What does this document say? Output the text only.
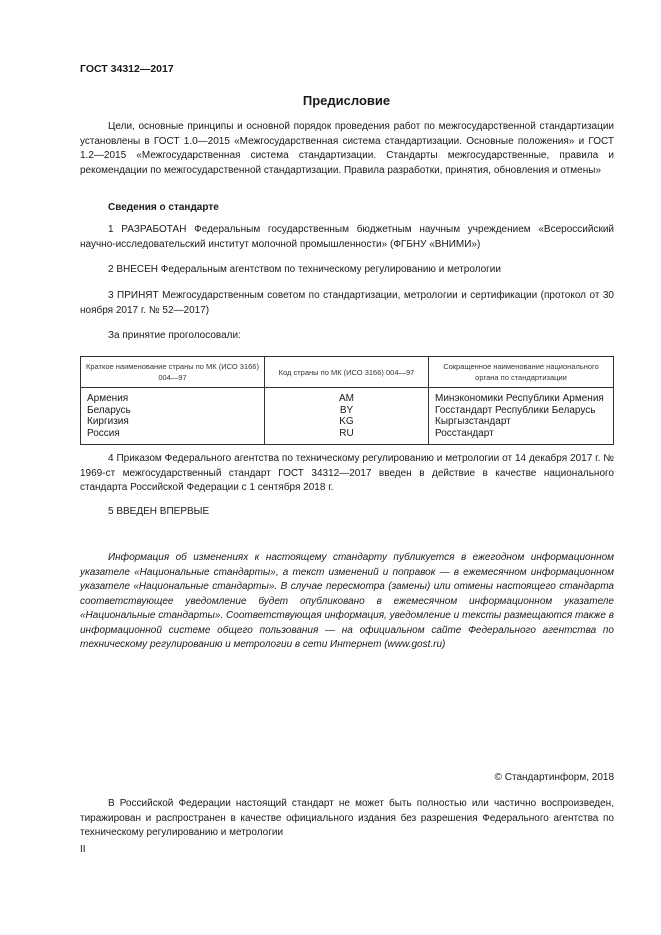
ГОСТ 34312—2017

Предисловие

Цели, основные принципы и основной порядок проведения работ по межгосударственной стандартизации установлены в ГОСТ 1.0—2015 «Межгосударственная система стандартизации. Основные положения» и ГОСТ 1.2—2015 «Межгосударственная система стандартизации. Стандарты межгосударственные, правила и рекомендации по межгосударственной стандартизации. Правила разработки, принятия, обновления и отмены»

Сведения о стандарте

1 РАЗРАБОТАН Федеральным государственным бюджетным научным учреждением «Всероссийский научно-исследовательский институт молочной промышленности» (ФГБНУ «ВНИМИ»)

2 ВНЕСЕН Федеральным агентством по техническому регулированию и метрологии

3 ПРИНЯТ Межгосударственным советом по стандартизации, метрологии и сертификации (протокол от 30 ноября 2017 г. № 52—2017)

За принятие проголосовали:

Краткое наименование страны по МК (ИСО 3166) 004—97	Код страны по МК (ИСО 3166) 004—97	Сокращенное наименование национального органа по стандартизации
Армения	AM	Минэкономики Республики Армения
Беларусь	BY	Госстандарт Республики Беларусь
Киргизия	KG	Кыргызстандарт
Россия	RU	Росстандарт

4 Приказом Федерального агентства по техническому регулированию и метрологии от 14 декабря 2017 г. № 1969-ст межгосударственный стандарт ГОСТ 34312—2017 введен в действие в качестве национального стандарта Российской Федерации с 1 сентября 2018 г.

5 ВВЕДЕН ВПЕРВЫЕ

Информация об изменениях к настоящему стандарту публикуется в ежегодном информационном указателе «Национальные стандарты», а текст изменений и поправок — в ежемесячном информационном указателе «Национальные стандарты». В случае пересмотра (замены) или отмены настоящего стандарта соответствующее уведомление будет опубликовано в ежемесячном информационном указателе «Национальные стандарты». Соответствующая информация, уведомление и тексты размещаются также в информационной системе общего пользования — на официальном сайте Федерального агентства по техническому регулированию и метрологии в сети Интернет (www.gost.ru)

© Стандартинформ, 2018

В Российской Федерации настоящий стандарт не может быть полностью или частично воспроизведен, тиражирован и распространен в качестве официального издания без разрешения Федерального агентства по техническому регулированию и метрологии

II
